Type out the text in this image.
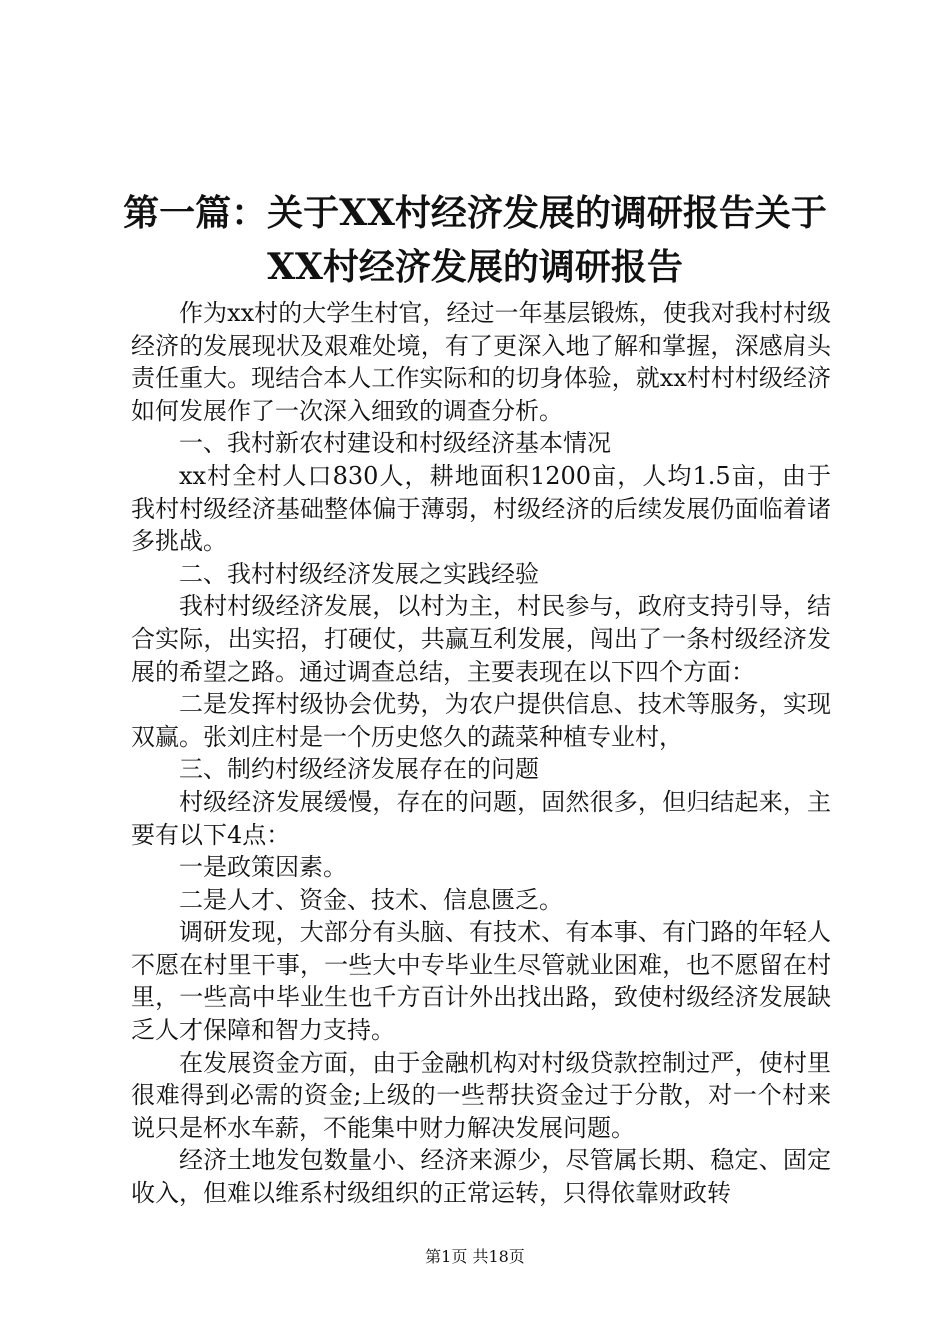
第一篇：关于XX村经济发展的调研报告关于
XX村经济发展的调研报告

作为xx村的大学生村官，经过一年基层锻炼，使我对我村村级经济的发展现状及艰难处境，有了更深入地了解和掌握，深感肩头责任重大。现结合本人工作实际和的切身体验，就xx村村村级经济如何发展作了一次深入细致的调查分析。

一、我村新农村建设和村级经济基本情况

xx村全村人口830人，耕地面积1200亩，人均1.5亩，由于我村村级经济基础整体偏于薄弱，村级经济的后续发展仍面临着诸多挑战。

二、我村村级经济发展之实践经验

我村村级经济发展，以村为主，村民参与，政府支持引导，结合实际，出实招，打硬仗，共赢互利发展，闯出了一条村级经济发展的希望之路。通过调查总结，主要表现在以下四个方面：

二是发挥村级协会优势，为农户提供信息、技术等服务，实现双赢。张刘庄村是一个历史悠久的蔬菜种植专业村，

三、制约村级经济发展存在的问题

村级经济发展缓慢，存在的问题，固然很多，但归结起来，主要有以下4点：

一是政策因素。

二是人才、资金、技术、信息匮乏。

调研发现，大部分有头脑、有技术、有本事、有门路的年轻人不愿在村里干事，一些大中专毕业生尽管就业困难，也不愿留在村里，一些高中毕业生也千方百计外出找出路，致使村级经济发展缺乏人才保障和智力支持。

在发展资金方面，由于金融机构对村级贷款控制过严，使村里很难得到必需的资金;上级的一些帮扶资金过于分散，对一个村来说只是杯水车薪，不能集中财力解决发展问题。

经济土地发包数量小、经济来源少，尽管属长期、稳定、固定收入，但难以维系村级组织的正常运转，只得依靠财政转

第1页 共18页
